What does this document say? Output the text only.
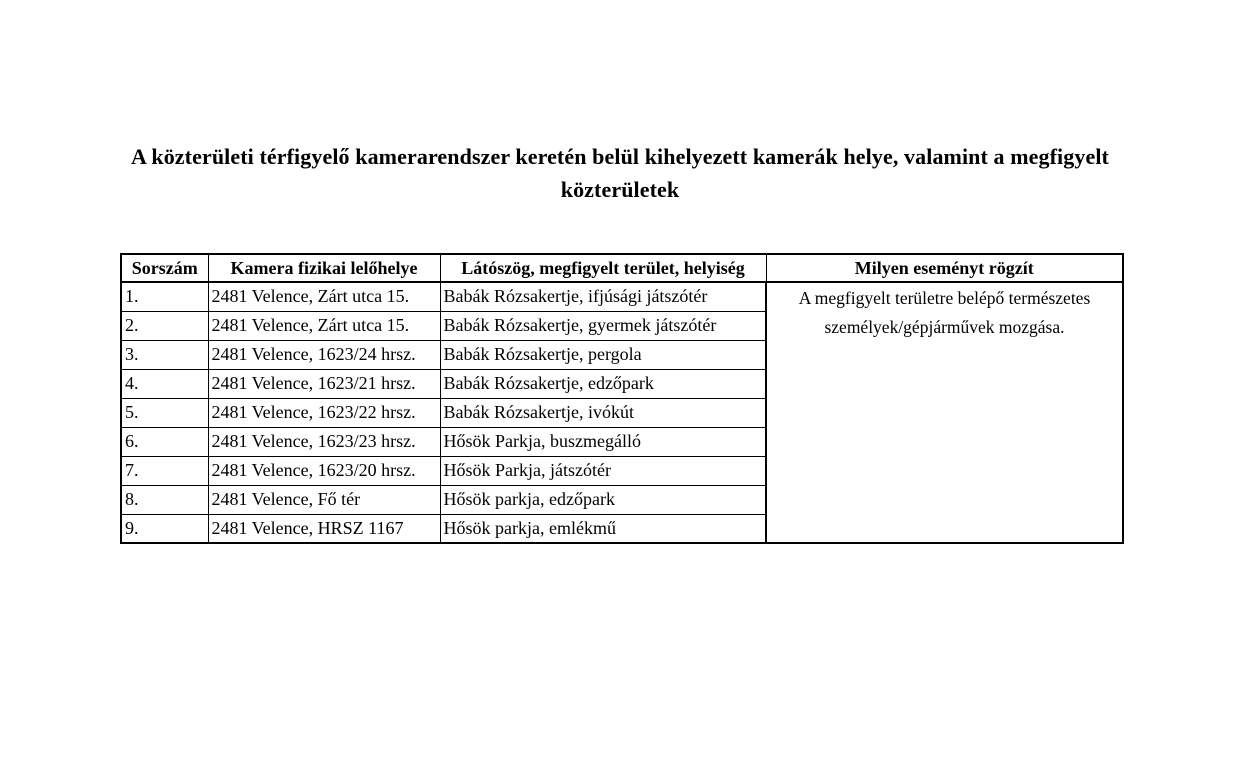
A közterületi térfigyelő kamerarendszer keretén belül kihelyezett kamerák helye, valamint a megfigyelt közterületek
Sorszám	Kamera fizikai lelőhelye	Látószög, megfigyelt terület, helyiség	Milyen eseményt rögzít
1.	2481 Velence, Zárt utca 15.	Babák Rózsakertje, ifjúsági játszótér	A megfigyelt területre belépő természetes személyek/gépjárművek mozgása.
2.	2481 Velence, Zárt utca 15.	Babák Rózsakertje, gyermek játszótér	
3.	2481 Velence, 1623/24 hrsz.	Babák Rózsakertje, pergola	
4.	2481 Velence, 1623/21 hrsz.	Babák Rózsakertje, edzőpark	
5.	2481 Velence, 1623/22 hrsz.	Babák Rózsakertje, ivókút	
6.	2481 Velence, 1623/23 hrsz.	Hősök Parkja, buszmegálló	
7.	2481 Velence, 1623/20 hrsz.	Hősök Parkja, játszótér	
8.	2481 Velence, Fő tér	Hősök parkja, edzőpark	
9.	2481 Velence, HRSZ 1167	Hősök parkja, emlékmű	
